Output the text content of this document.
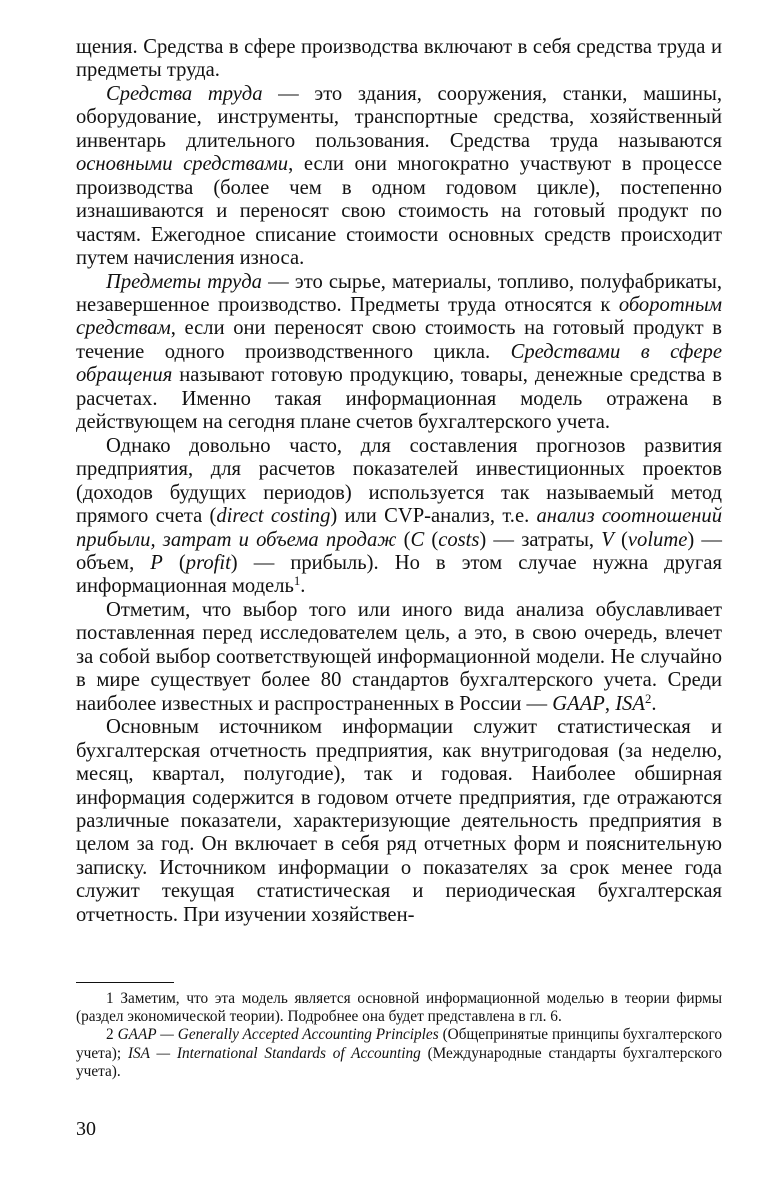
щения. Средства в сфере производства включают в себя средства труда и предметы труда.

Средства труда — это здания, сооружения, станки, машины, оборудование, инструменты, транспортные средства, хозяйственный инвентарь длительного пользования. Средства труда называются основными средствами, если они многократно участвуют в процессе производства (более чем в одном годовом цикле), постепенно изнашиваются и переносят свою стоимость на готовый продукт по частям. Ежегодное списание стоимости основных средств происходит путем начисления износа.

Предметы труда — это сырье, материалы, топливо, полуфабрикаты, незавершенное производство. Предметы труда относятся к оборотным средствам, если они переносят свою стоимость на готовый продукт в течение одного производственного цикла. Средствами в сфере обращения называют готовую продукцию, товары, денежные средства в расчетах. Именно такая информационная модель отражена в действующем на сегодня плане счетов бухгалтерского учета.

Однако довольно часто, для составления прогнозов развития предприятия, для расчетов показателей инвестиционных проектов (доходов будущих периодов) используется так называемый метод прямого счета (direct costing) или CVP-анализ, т.е. анализ соотношений прибыли, затрат и объема продаж (C (costs) — затраты, V (volume) — объем, P (profit) — прибыль). Но в этом случае нужна другая информационная модель$^1$.

Отметим, что выбор того или иного вида анализа обуславливает поставленная перед исследователем цель, а это, в свою очередь, влечет за собой выбор соответствующей информационной модели. Не случайно в мире существует более 80 стандартов бухгалтерского учета. Среди наиболее известных и распространенных в России — GAAP, ISA$^2$.

Основным источником информации служит статистическая и бухгалтерская отчетность предприятия, как внутригодовая (за неделю, месяц, квартал, полугодие), так и годовая. Наиболее обширная информация содержится в годовом отчете предприятия, где отражаются различные показатели, характеризующие деятельность предприятия в целом за год. Он включает в себя ряд отчетных форм и пояснительную записку. Источником информации о показателях за срок менее года служит текущая статистическая и периодическая бухгалтерская отчетность. При изучении хозяйствен-

1 Заметим, что эта модель является основной информационной моделью в теории фирмы (раздел экономической теории). Подробнее она будет представлена в гл. 6.

2 GAAP — Generally Accepted Accounting Principles (Общепринятые принципы бухгалтерского учета); ISA — International Standards of Accounting (Международные стандарты бухгалтерского учета).

30
